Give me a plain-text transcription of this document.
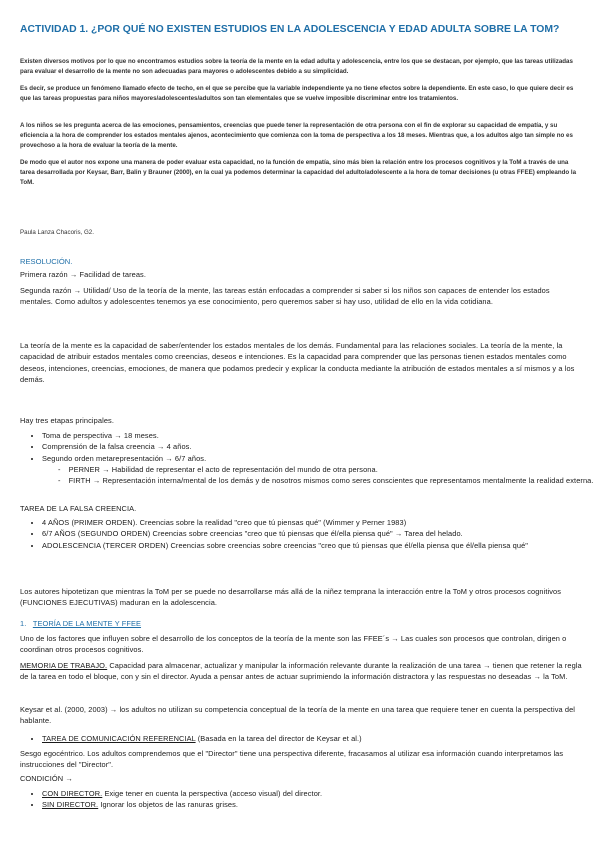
ACTIVIDAD 1. ¿POR QUÉ NO EXISTEN ESTUDIOS EN LA ADOLESCENCIA Y EDAD ADULTA SOBRE LA TOM?

Existen diversos motivos por lo que no encontramos estudios sobre la teoría de la mente en la edad adulta y adolescencia, entre los que se destacan, por ejemplo, que las tareas utilizadas para evaluar el desarrollo de la mente no son adecuadas para mayores o adolescentes debido a su simplicidad.

Es decir, se produce un fenómeno llamado efecto de techo, en el que se percibe que la variable independiente ya no tiene efectos sobre la dependiente. En este caso, lo que quiere decir es que las tareas propuestas para niños mayores/adolescentes/adultos son tan elementales que se vuelve imposible discriminar entre los tratamientos.

A los niños se les pregunta acerca de las emociones, pensamientos, creencias que puede tener la representación de otra persona con el fin de explorar su capacidad de empatía, y su eficiencia a la hora de comprender los estados mentales ajenos, acontecimiento que comienza con la toma de perspectiva a los 18 meses. Mientras que, a los adultos algo tan simple no es provechoso a la hora de evaluar la teoría de la mente.

De modo que el autor nos expone una manera de poder evaluar esta capacidad, no la función de empatía, sino más bien la relación entre los procesos cognitivos y la ToM a través de una tarea desarrollada por Keysar, Barr, Balin y Brauner (2000), en la cual ya podemos determinar la capacidad del adulto/adolescente a la hora de tomar decisiones (u otras FFEE) empleando la ToM.

Paula Lanza Chacoris, G2.

RESOLUCIÓN.

Primera razón → Facilidad de tareas.

Segunda razón → Utilidad/ Uso de la teoría de la mente, las tareas están enfocadas a comprender si saber si los niños son capaces de entender los estados mentales. Como adultos y adolescentes tenemos ya ese conocimiento, pero queremos saber si hay uso, utilidad de ello en la vida cotidiana.

La teoría de la mente es la capacidad de saber/entender los estados mentales de los demás. Fundamental para las relaciones sociales. La teoría de la mente, la capacidad de atribuir estados mentales como creencias, deseos e intenciones. Es la capacidad para comprender que las personas tienen estados mentales como deseos, intenciones, creencias, emociones, de manera que podamos predecir y explicar la conducta mediante la atribución de estados mentales a sí mismos y a los demás.

Hay tres etapas principales.

• Toma de perspectiva → 18 meses.
• Comprensión de la falsa creencia → 4 años.
• Segundo orden metarepresentación → 6/7 años.
- PERNER → Habilidad de representar el acto de representación del mundo de otra persona.
- FIRTH → Representación interna/mental de los demás y de nosotros mismos como seres conscientes que representamos mentalmente la realidad externa.

TAREA DE LA FALSA CREENCIA.

• 4 AÑOS (PRIMER ORDEN). Creencias sobre la realidad "creo que tú piensas qué" (Wimmer y Perner 1983)
• 6/7 AÑOS (SEGUNDO ORDEN) Creencias sobre creencias "creo que tú piensas que él/ella piensa qué" → Tarea del helado.
• ADOLESCENCIA (TERCER ORDEN) Creencias sobre creencias sobre creencias "creo que tú piensas que él/ella piensa que él/ella piensa qué"

Los autores hipotetizan que mientras la ToM per se puede no desarrollarse más allá de la niñez temprana la interacción entre la ToM y otros procesos cognitivos (FUNCIONES EJECUTIVAS) maduran en la adolescencia.

1. TEORÍA DE LA MENTE Y FFEE

Uno de los factores que influyen sobre el desarrollo de los conceptos de la teoría de la mente son las FFEE´s → Las cuales son procesos que controlan, dirigen o coordinan otros procesos cognitivos.

MEMORIA DE TRABAJO. Capacidad para almacenar, actualizar y manipular la información relevante durante la realización de una tarea → tienen que retener la regla de la tarea en todo el bloque, con y sin el director. Ayuda a pensar antes de actuar suprimiendo la información distractora y las respuestas no deseadas → la ToM.

Keysar et al. (2000, 2003) → los adultos no utilizan su competencia conceptual de la teoría de la mente en una tarea que requiere tener en cuenta la perspectiva del hablante.

• TAREA DE COMUNICACIÓN REFERENCIAL (Basada en la tarea del director de Keysar et al.)

Sesgo egocéntrico. Los adultos comprendemos que el "Director" tiene una perspectiva diferente, fracasamos al utilizar esa información cuando interpretamos las instrucciones del "Director".

CONDICIÓN →

• CON DIRECTOR. Exige tener en cuenta la perspectiva (acceso visual) del director.
• SIN DIRECTOR. Ignorar los objetos de las ranuras grises.
